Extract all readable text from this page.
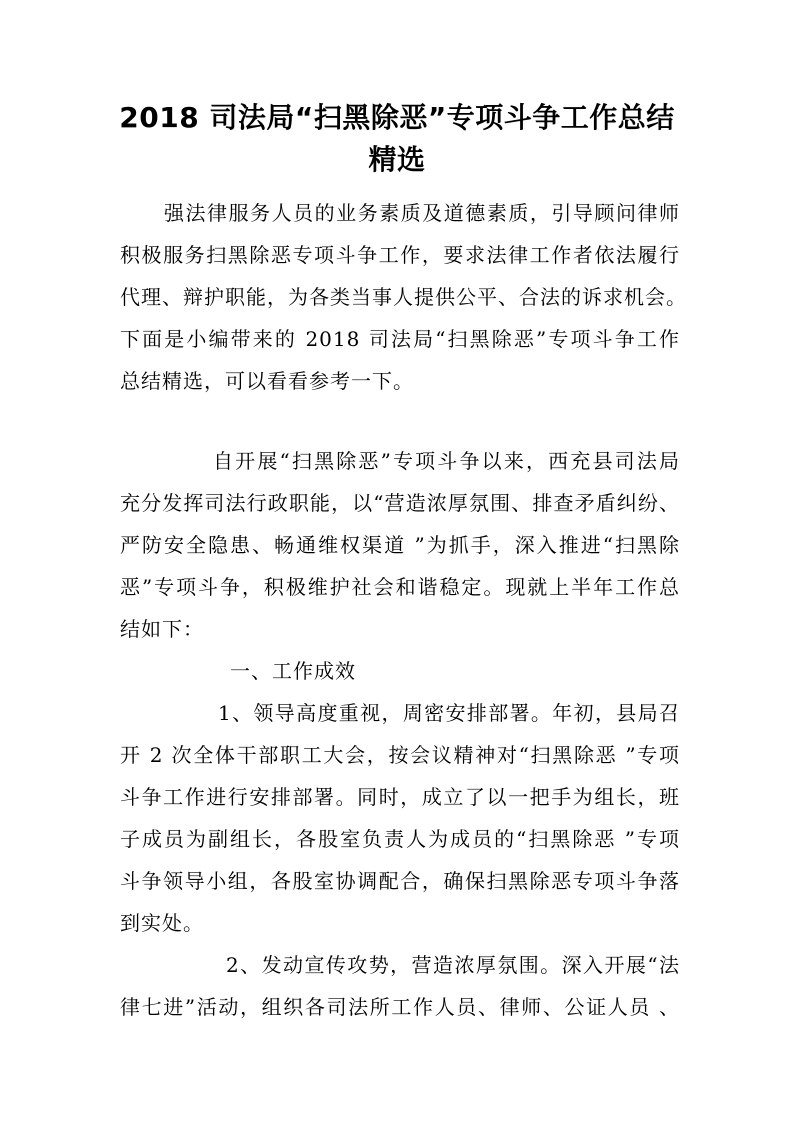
2018 司法局“扫黑除恶”专项斗争工作总结
精选

强法律服务人员的业务素质及道德素质，引导顾问律师

积极服务扫黑除恶专项斗争工作，要求法律工作者依法履行

代理、辩护职能，为各类当事人提供公平、合法的诉求机会。

下面是小编带来的 2018 司法局“扫黑除恶”专项斗争工作

总结精选，可以看看参考一下。

自开展“扫黑除恶”专项斗争以来，西充县司法局

充分发挥司法行政职能，以“营造浓厚氛围、排查矛盾纠纷、

严防安全隐患、畅通维权渠道 ”为抓手，深入推进“扫黑除

恶”专项斗争，积极维护社会和谐稳定。现就上半年工作总

结如下：

一、工作成效

1、领导高度重视，周密安排部署。年初，县局召

开 2 次全体干部职工大会，按会议精神对“扫黑除恶 ”专项

斗争工作进行安排部署。同时，成立了以一把手为组长，班

子成员为副组长，各股室负责人为成员的“扫黑除恶 ”专项

斗争领导小组，各股室协调配合，确保扫黑除恶专项斗争落

到实处。

2、发动宣传攻势，营造浓厚氛围。深入开展“法

律七进”活动，组织各司法所工作人员、律师、公证人员 、
